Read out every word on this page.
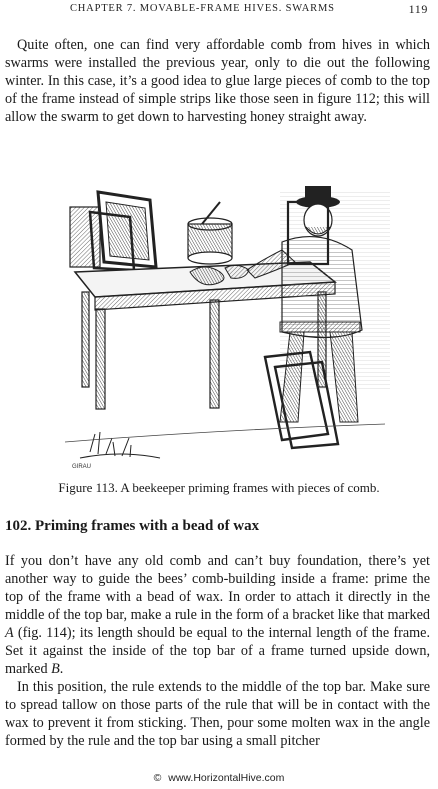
CHAPTER 7. MOVABLE-FRAME HIVES. SWARMS	119

Quite often, one can find very affordable comb from hives in which swarms were installed the previous year, only to die out the following winter. In this case, it’s a good idea to glue large pieces of comb to the top of the frame instead of simple strips like those seen in figure 112; this will allow the swarm to get down to harvesting honey straight away.

GIRAU
Figure 113. A beekeeper priming frames with pieces of comb.
102. Priming frames with a bead of wax

If you don’t have any old comb and can’t buy foundation, there’s yet another way to guide the bees’ comb-building inside a frame: prime the top of the frame with a bead of wax. In order to attach it directly in the middle of the top bar, make a rule in the form of a bracket like that marked A (fig. 114); its length should be equal to the internal length of the frame. Set it against the inside of the top bar of a frame turned upside down, marked B.

In this position, the rule extends to the middle of the top bar. Make sure to spread tallow on those parts of the rule that will be in contact with the wax to prevent it from sticking. Then, pour some molten wax in the angle formed by the rule and the top bar using a small pitcher

© www.HorizontalHive.com
